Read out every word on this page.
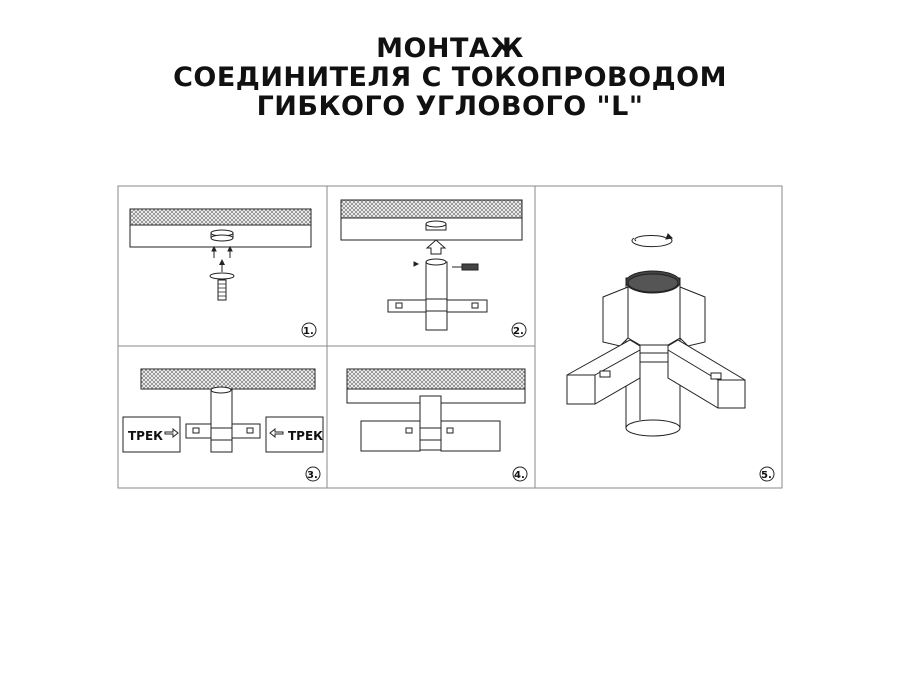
МОНТАЖ
СОЕДИНИТЕЛЯ С ТОКОПРОВОДОМ
ГИБКОГО УГЛОВОГО "L"
1.	2.
ТРЕК	ТРЕК
3.	4.	5.
